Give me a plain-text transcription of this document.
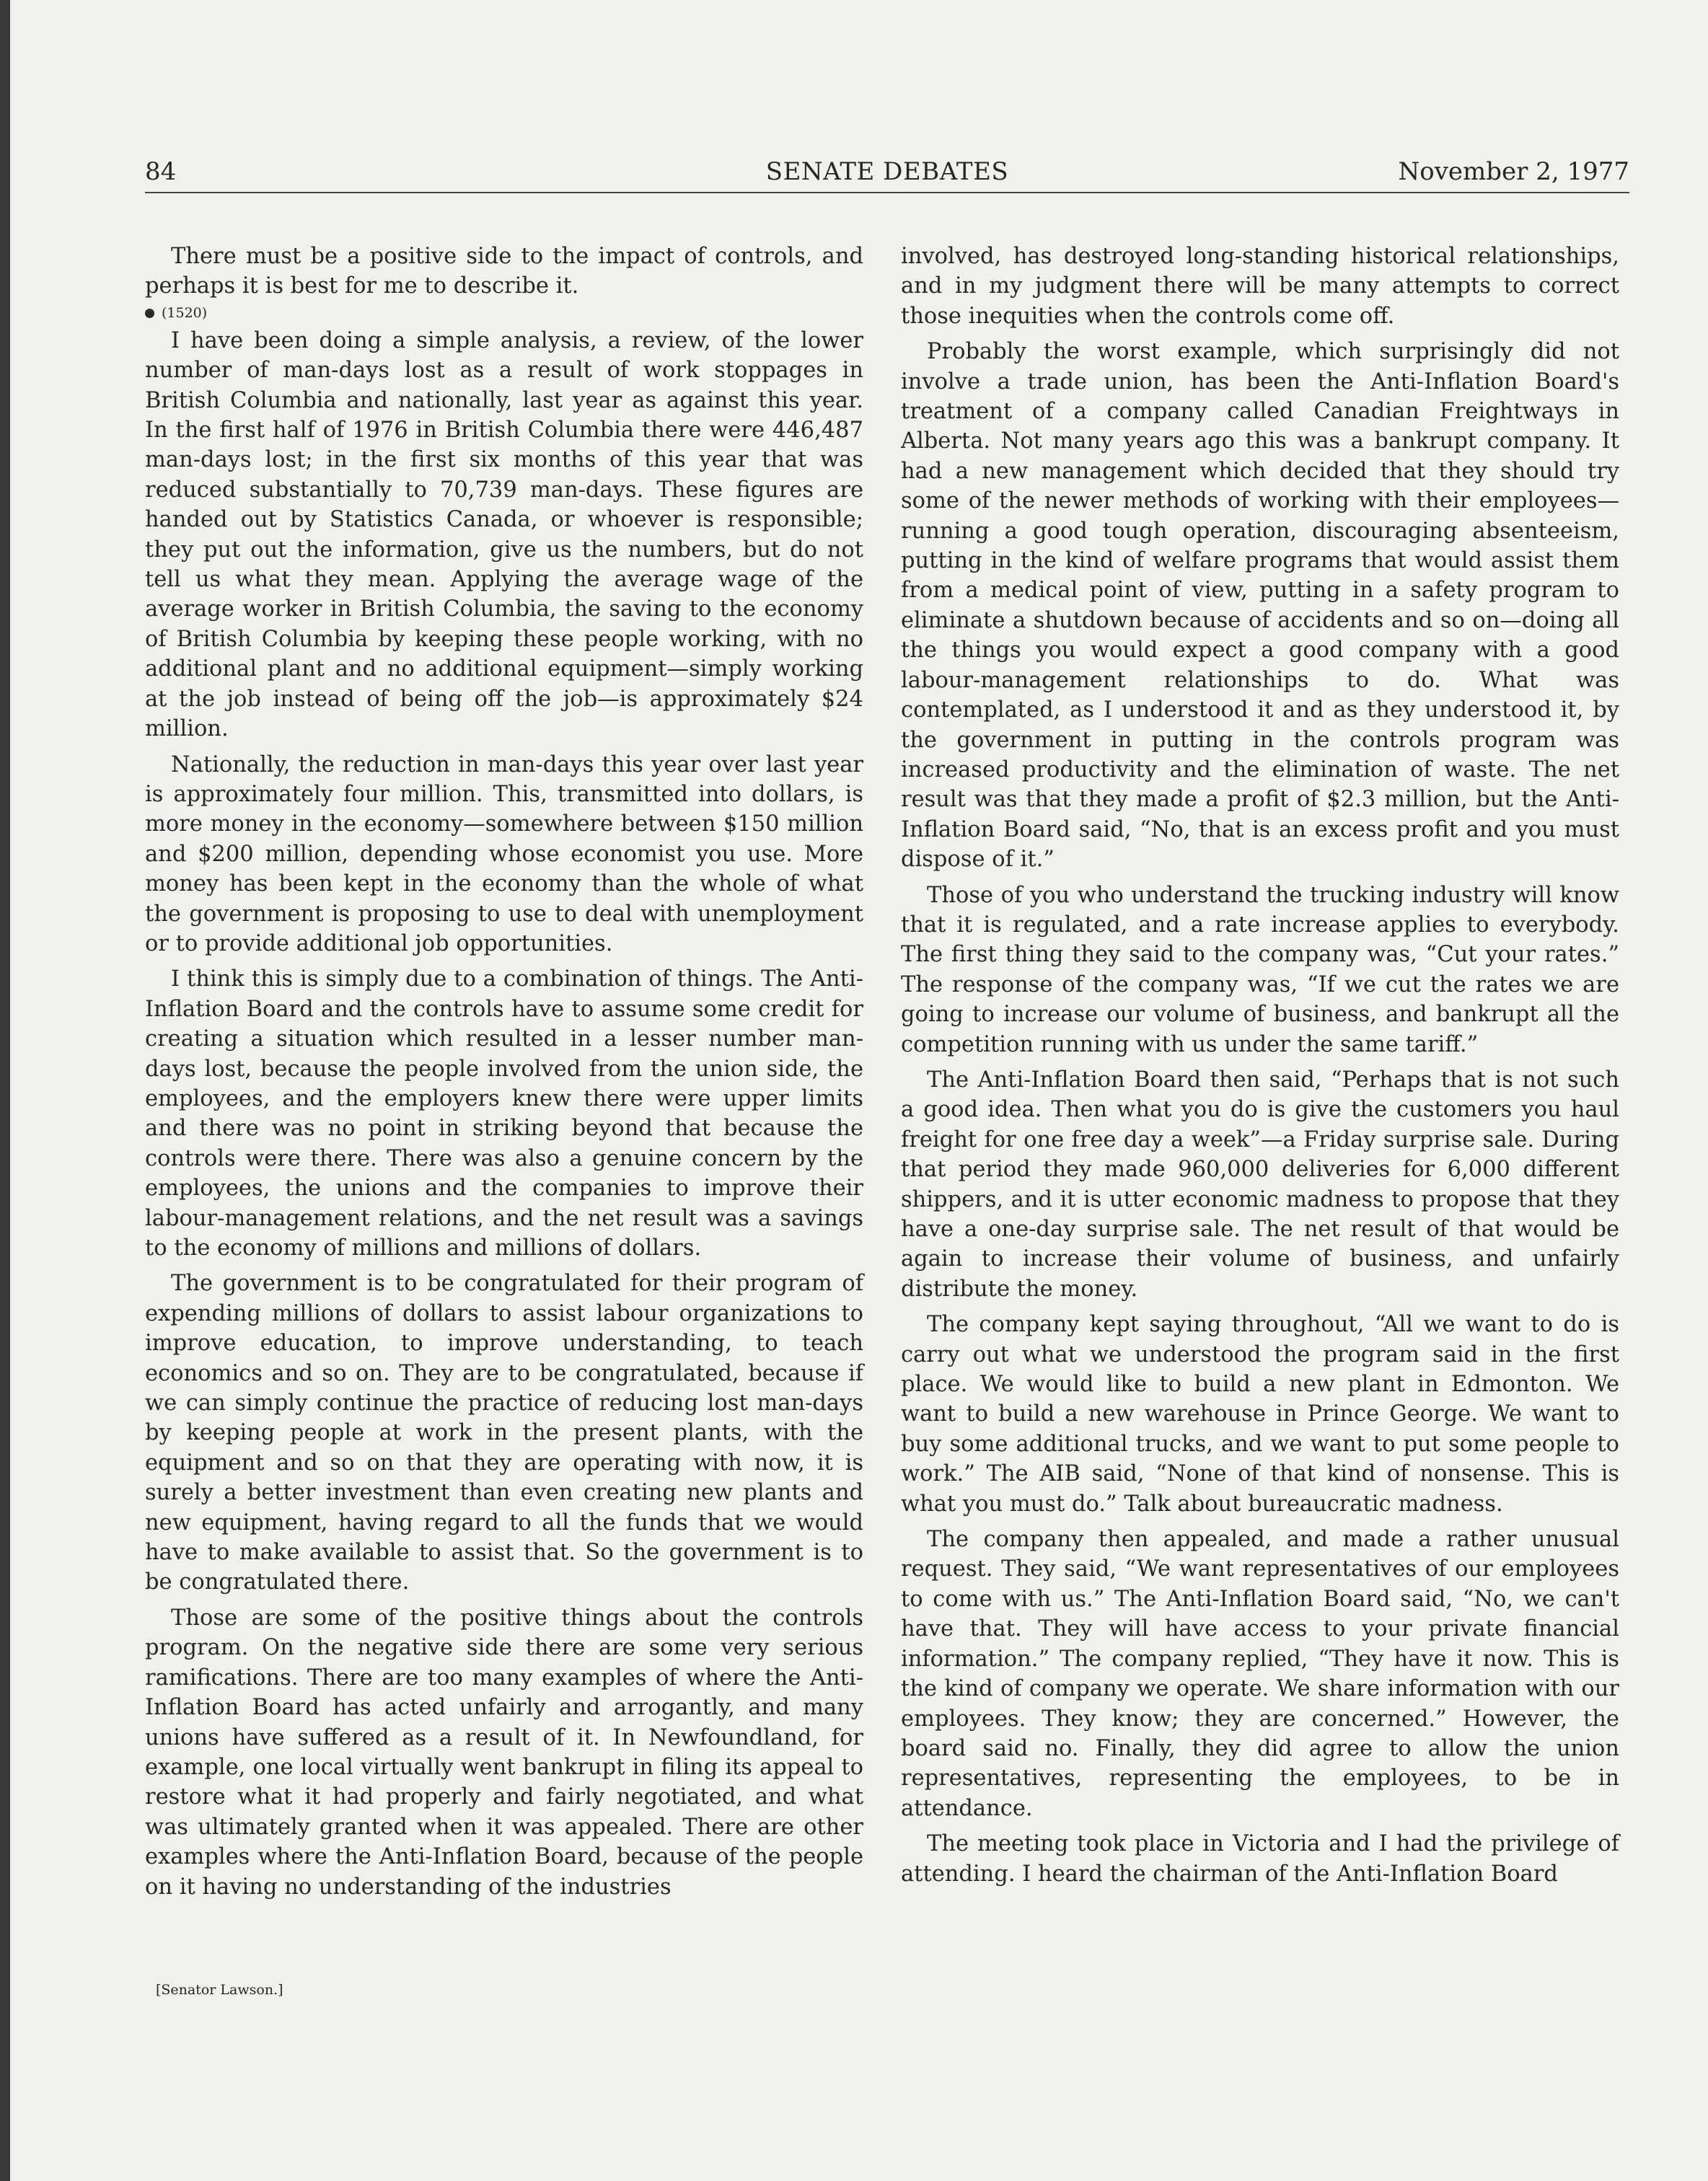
84	SENATE DEBATES	November 2, 1977

There must be a positive side to the impact of controls, and perhaps it is best for me to describe it.

(1520)

I have been doing a simple analysis, a review, of the lower number of man-days lost as a result of work stoppages in British Columbia and nationally, last year as against this year. In the first half of 1976 in British Columbia there were 446,487 man-days lost; in the first six months of this year that was reduced substantially to 70,739 man-days. These figures are handed out by Statistics Canada, or whoever is responsible; they put out the information, give us the numbers, but do not tell us what they mean. Applying the average wage of the average worker in British Columbia, the saving to the economy of British Columbia by keeping these people working, with no additional plant and no additional equipment—simply working at the job instead of being off the job—is approximately $24 million.

Nationally, the reduction in man-days this year over last year is approximately four million. This, transmitted into dollars, is more money in the economy—somewhere between $150 million and $200 million, depending whose economist you use. More money has been kept in the economy than the whole of what the government is proposing to use to deal with unemployment or to provide additional job opportunities.

I think this is simply due to a combination of things. The Anti-Inflation Board and the controls have to assume some credit for creating a situation which resulted in a lesser number man-days lost, because the people involved from the union side, the employees, and the employers knew there were upper limits and there was no point in striking beyond that because the controls were there. There was also a genuine concern by the employees, the unions and the companies to improve their labour-management relations, and the net result was a savings to the economy of millions and millions of dollars.

The government is to be congratulated for their program of expending millions of dollars to assist labour organizations to improve education, to improve understanding, to teach economics and so on. They are to be congratulated, because if we can simply continue the practice of reducing lost man-days by keeping people at work in the present plants, with the equipment and so on that they are operating with now, it is surely a better investment than even creating new plants and new equipment, having regard to all the funds that we would have to make available to assist that. So the government is to be congratulated there.

Those are some of the positive things about the controls program. On the negative side there are some very serious ramifications. There are too many examples of where the Anti-Inflation Board has acted unfairly and arrogantly, and many unions have suffered as a result of it. In Newfoundland, for example, one local virtually went bankrupt in filing its appeal to restore what it had properly and fairly negotiated, and what was ultimately granted when it was appealed. There are other examples where the Anti-Inflation Board, because of the people on it having no understanding of the industries

[Senator Lawson.]

involved, has destroyed long-standing historical relationships, and in my judgment there will be many attempts to correct those inequities when the controls come off.

Probably the worst example, which surprisingly did not involve a trade union, has been the Anti-Inflation Board's treatment of a company called Canadian Freightways in Alberta. Not many years ago this was a bankrupt company. It had a new management which decided that they should try some of the newer methods of working with their employees—running a good tough operation, discouraging absenteeism, putting in the kind of welfare programs that would assist them from a medical point of view, putting in a safety program to eliminate a shutdown because of accidents and so on—doing all the things you would expect a good company with a good labour-management relationships to do. What was contemplated, as I understood it and as they understood it, by the government in putting in the controls program was increased productivity and the elimination of waste. The net result was that they made a profit of $2.3 million, but the Anti-Inflation Board said, “No, that is an excess profit and you must dispose of it.”

Those of you who understand the trucking industry will know that it is regulated, and a rate increase applies to everybody. The first thing they said to the company was, “Cut your rates.” The response of the company was, “If we cut the rates we are going to increase our volume of business, and bankrupt all the competition running with us under the same tariff.”

The Anti-Inflation Board then said, “Perhaps that is not such a good idea. Then what you do is give the customers you haul freight for one free day a week”—a Friday surprise sale. During that period they made 960,000 deliveries for 6,000 different shippers, and it is utter economic madness to propose that they have a one-day surprise sale. The net result of that would be again to increase their volume of business, and unfairly distribute the money.

The company kept saying throughout, “All we want to do is carry out what we understood the program said in the first place. We would like to build a new plant in Edmonton. We want to build a new warehouse in Prince George. We want to buy some additional trucks, and we want to put some people to work.” The AIB said, “None of that kind of nonsense. This is what you must do.” Talk about bureaucratic madness.

The company then appealed, and made a rather unusual request. They said, “We want representatives of our employees to come with us.” The Anti-Inflation Board said, “No, we can't have that. They will have access to your private financial information.” The company replied, “They have it now. This is the kind of company we operate. We share information with our employees. They know; they are concerned.” However, the board said no. Finally, they did agree to allow the union representatives, representing the employees, to be in attendance.

The meeting took place in Victoria and I had the privilege of attending. I heard the chairman of the Anti-Inflation Board
